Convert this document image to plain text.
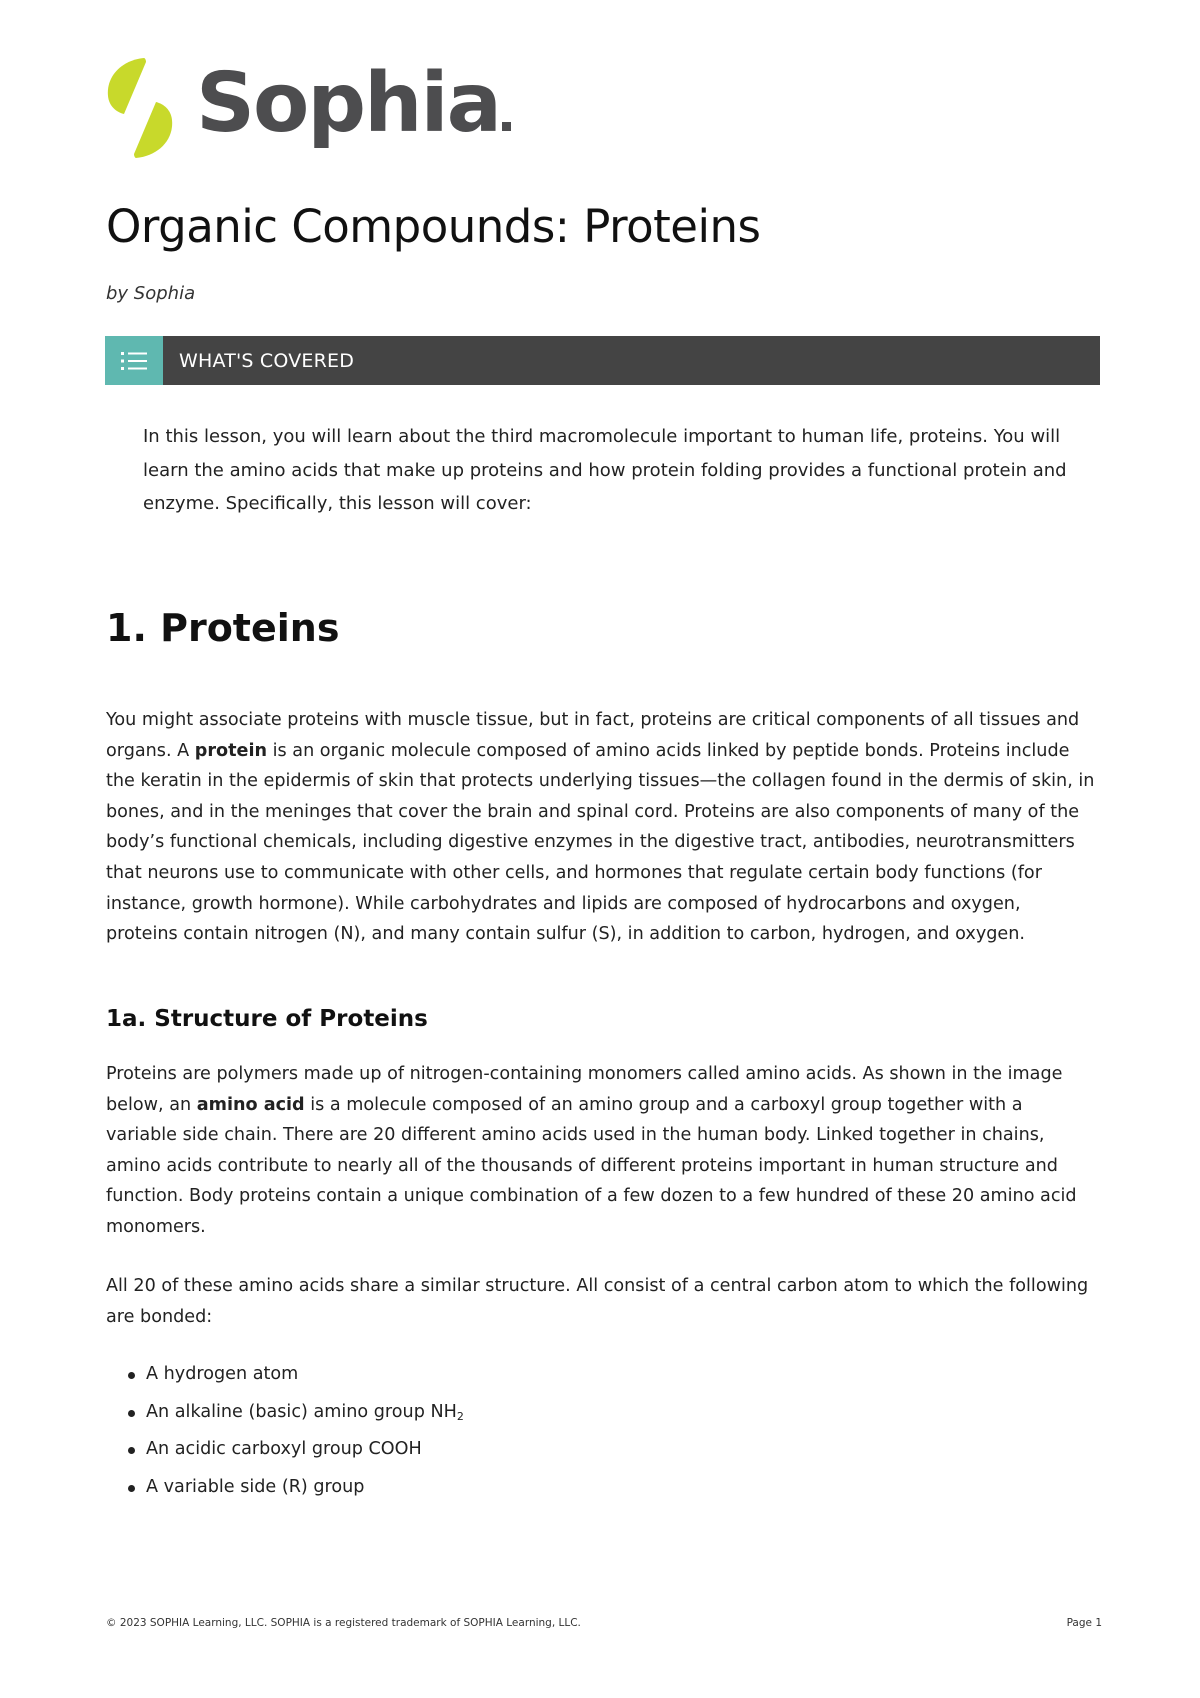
Sophia
Organic Compounds: Proteins
by Sophia
WHAT'S COVERED

In this lesson, you will learn about the third macromolecule important to human life, proteins. You will learn the amino acids that make up proteins and how protein folding provides a functional protein and enzyme. Specifically, this lesson will cover:

1. Proteins

You might associate proteins with muscle tissue, but in fact, proteins are critical components of all tissues and organs. A protein is an organic molecule composed of amino acids linked by peptide bonds. Proteins include the keratin in the epidermis of skin that protects underlying tissues—the collagen found in the dermis of skin, in bones, and in the meninges that cover the brain and spinal cord. Proteins are also components of many of the body’s functional chemicals, including digestive enzymes in the digestive tract, antibodies, neurotransmitters that neurons use to communicate with other cells, and hormones that regulate certain body functions (for instance, growth hormone). While carbohydrates and lipids are composed of hydrocarbons and oxygen, proteins contain nitrogen (N), and many contain sulfur (S), in addition to carbon, hydrogen, and oxygen.

1a. Structure of Proteins

Proteins are polymers made up of nitrogen-containing monomers called amino acids. As shown in the image below, an amino acid is a molecule composed of an amino group and a carboxyl group together with a variable side chain. There are 20 different amino acids used in the human body. Linked together in chains, amino acids contribute to nearly all of the thousands of different proteins important in human structure and function. Body proteins contain a unique combination of a few dozen to a few hundred of these 20 amino acid monomers.

All 20 of these amino acids share a similar structure. All consist of a central carbon atom to which the following are bonded:

A hydrogen atom
An alkaline (basic) amino group $NH_2$
An acidic carboxyl group COOH
A variable side (R) group
© 2023 SOPHIA Learning, LLC. SOPHIA is a registered trademark of SOPHIA Learning, LLC.	Page 1
